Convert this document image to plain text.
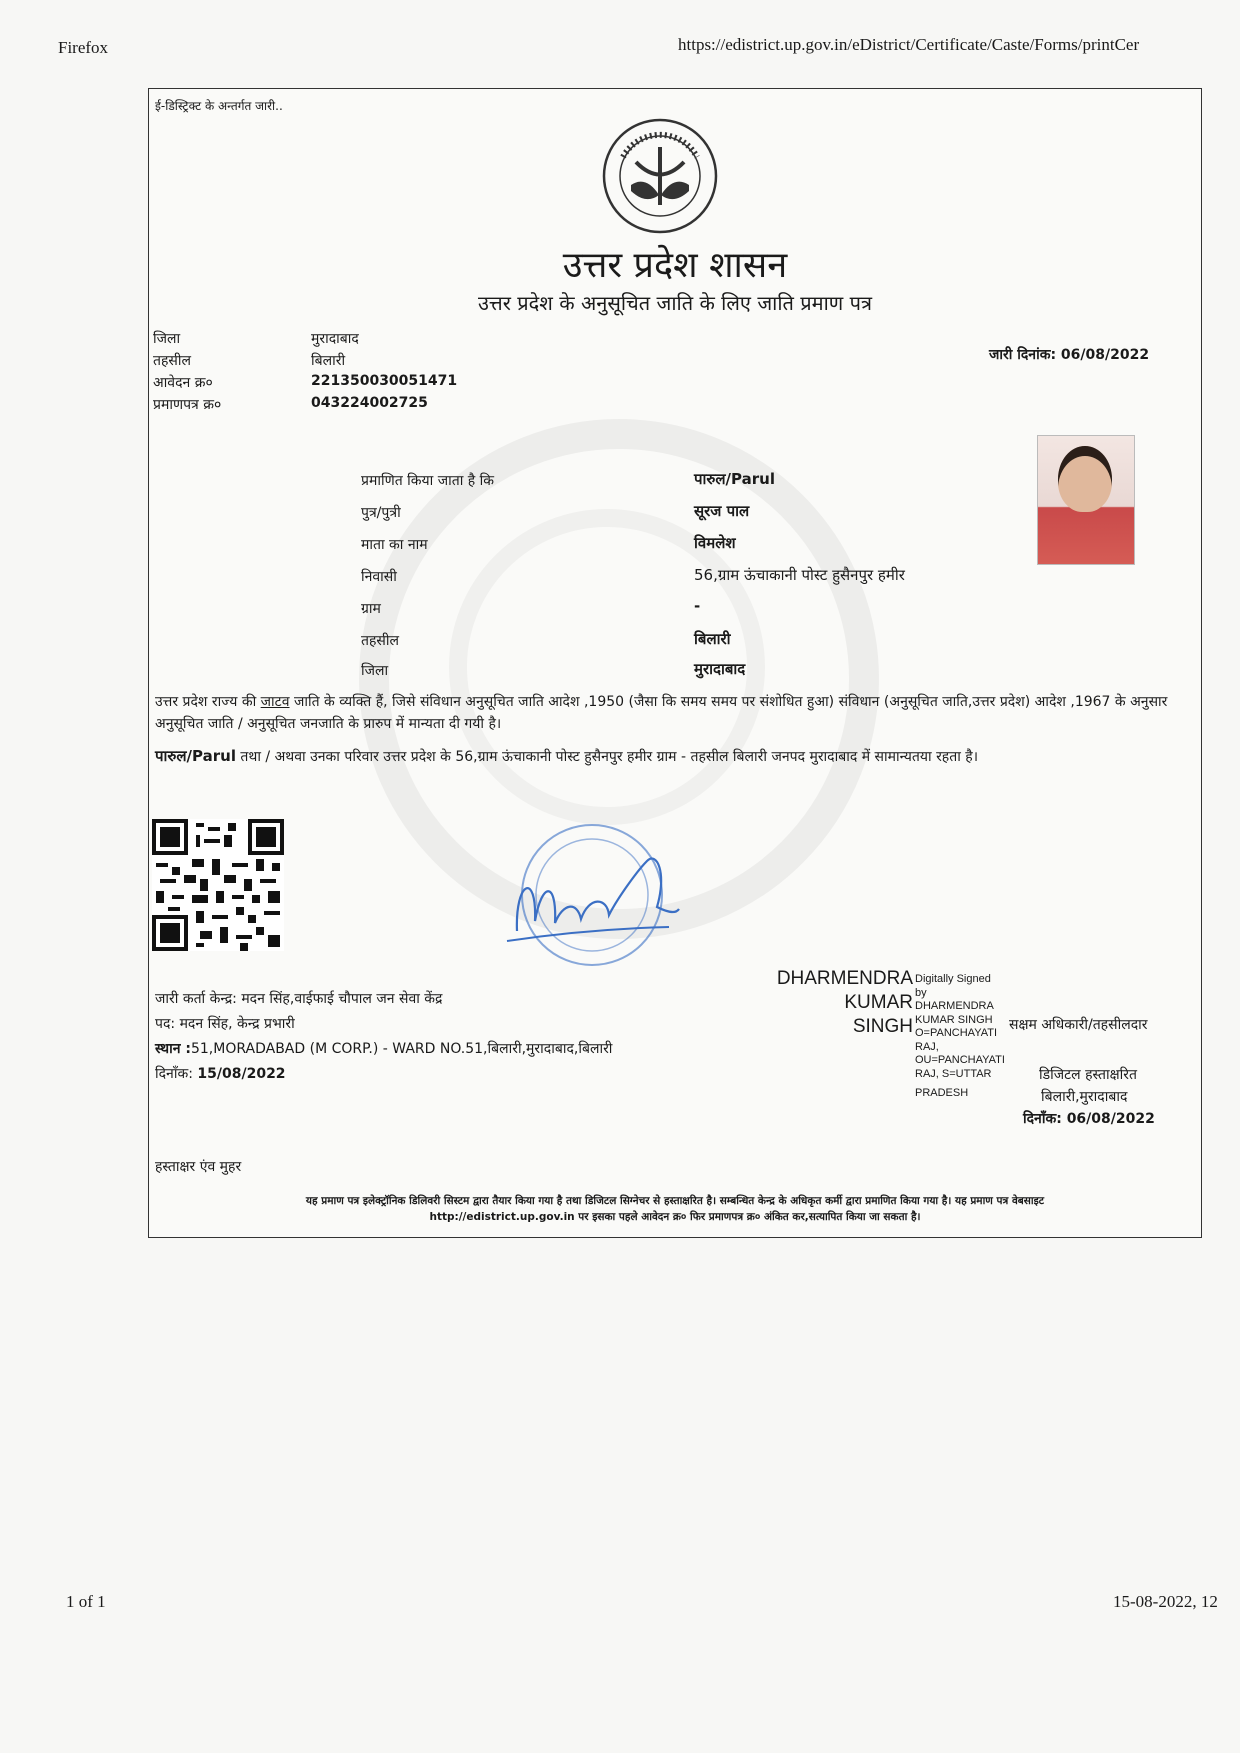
Firefox	https://edistrict.up.gov.in/eDistrict/Certificate/Caste/Forms/printCer
ई-डिस्ट्रिक्ट के अन्तर्गत जारी..
उत्तर प्रदेश शासन
उत्तर प्रदेश के अनुसूचित जाति के लिए जाति प्रमाण पत्र
जिला	मुरादाबाद
तहसील	बिलारी
आवेदन क्र०	221350030051471
प्रमाणपत्र क्र०	043224002725
जारी दिनांक: 06/08/2022
प्रमाणित किया जाता है कि	पारुल/Parul
पुत्र/पुत्री	सूरज पाल
माता का नाम	विमलेश
निवासी	56,ग्राम ऊंचाकानी पोस्ट हुसैनपुर हमीर
ग्राम	-
तहसील	बिलारी
जिला	मुरादाबाद
उत्तर प्रदेश राज्य की जाटव जाति के व्यक्ति हैं, जिसे संविधान अनुसूचित जाति आदेश ,1950 (जैसा कि समय समय पर संशोधित हुआ) संविधान (अनुसूचित जाति,उत्तर प्रदेश) आदेश ,1967 के अनुसार अनुसूचित जाति / अनुसूचित जनजाति के प्रारुप में मान्यता दी गयी है।
पारुल/Parul तथा / अथवा उनका परिवार उत्तर प्रदेश के 56,ग्राम ऊंचाकानी पोस्ट हुसैनपुर हमीर ग्राम - तहसील बिलारी जनपद मुरादाबाद में सामान्यतया रहता है।
जारी कर्ता केन्द्र: मदन सिंह,वाईफाई चौपाल जन सेवा केंद्र
पद: मदन सिंह, केन्द्र प्रभारी
स्थान :51,MORADABAD (M CORP.) - WARD NO.51,बिलारी,मुरादाबाद,बिलारी
दिनाँक: 15/08/2022
DHARMENDRA
KUMAR
SINGH
Digitally Signed
by
DHARMENDRA
KUMAR SINGH
O=PANCHAYATI
RAJ,
OU=PANCHAYATI
RAJ, S=UTTAR
PRADESH
सक्षम अधिकारी/तहसीलदार
डिजिटल हस्ताक्षरित
बिलारी,मुरादाबाद
दिनाँक: 06/08/2022
हस्ताक्षर एंव मुहर
यह प्रमाण पत्र इलेक्ट्रॉनिक डिलिवरी सिस्टम द्वारा तैयार किया गया है तथा डिजिटल सिग्नेचर से हस्ताक्षरित है। सम्बन्धित केन्द्र के अधिकृत कर्मी द्वारा प्रमाणित किया गया है। यह प्रमाण पत्र वेबसाइट
http://edistrict.up.gov.in पर इसका पहले आवेदन क्र० फिर प्रमाणपत्र क्र० अंकित कर,सत्यापित किया जा सकता है।
1 of 1	15-08-2022, 12
